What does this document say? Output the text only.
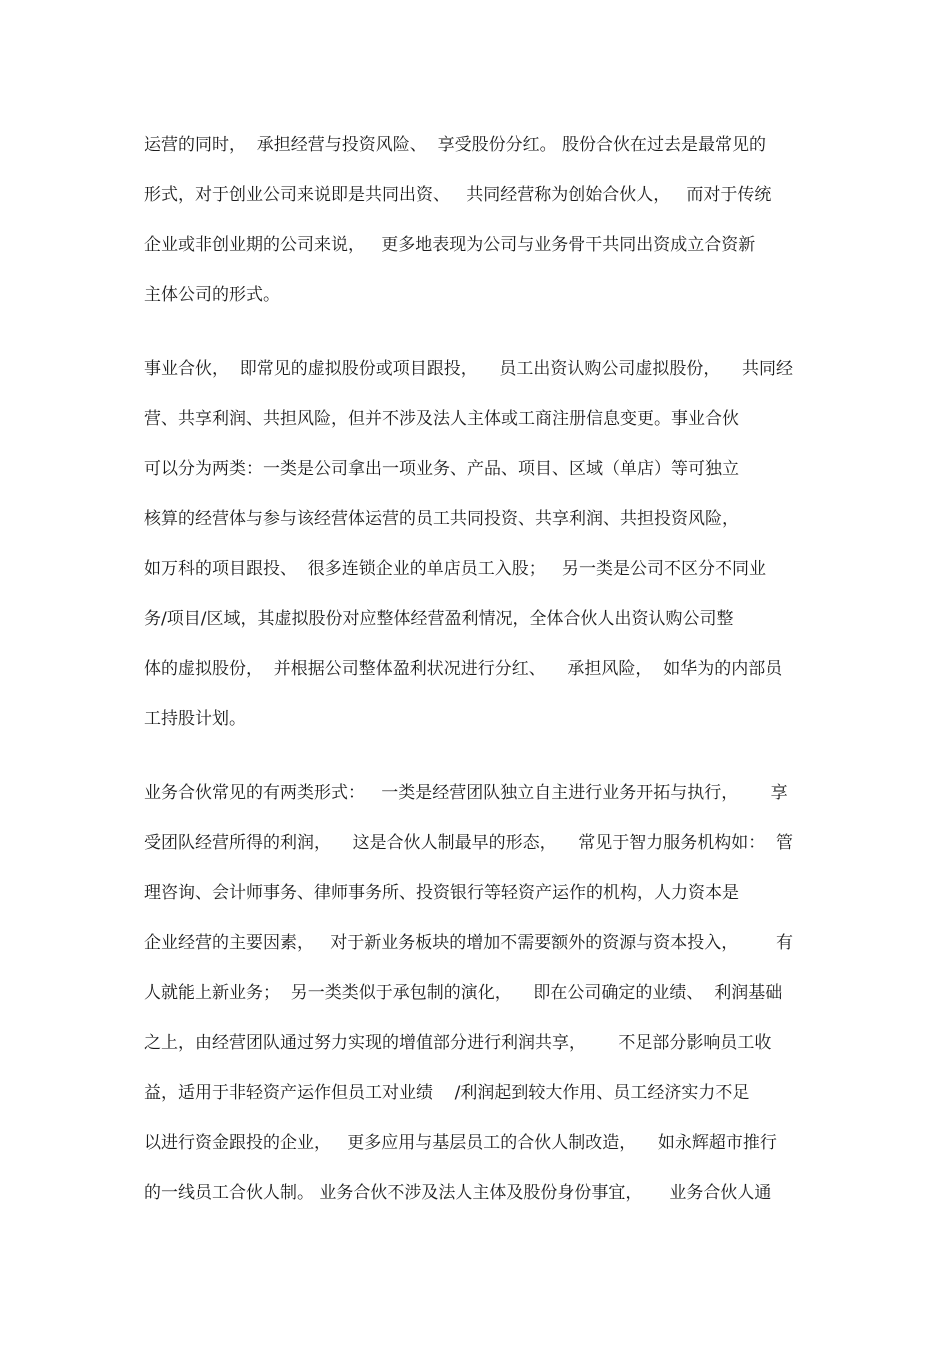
运营的同时，  承担经营与投资风险、  享受股份分红。 股份合伙在过去是最常见的
形式，对于创业公司来说即是共同出资、   共同经营称为创始合伙人，   而对于传统
企业或非创业期的公司来说，   更多地表现为公司与业务骨干共同出资成立合资新
主体公司的形式。
事业合伙，  即常见的虚拟股份或项目跟投，    员工出资认购公司虚拟股份，    共同经
营、共享利润、共担风险，但并不涉及法人主体或工商注册信息变更。事业合伙
可以分为两类：一类是公司拿出一项业务、产品、项目、区域（单店）等可独立
核算的经营体与参与该经营体运营的员工共同投资、共享利润、共担投资风险，
如万科的项目跟投、  很多连锁企业的单店员工入股；   另一类是公司不区分不同业
务/项目/区域，其虚拟股份对应整体经营盈利情况，全体合伙人出资认购公司整
体的虚拟股份，  并根据公司整体盈利状况进行分红、    承担风险，  如华为的内部员
工持股计划。
业务合伙常见的有两类形式：   一类是经营团队独立自主进行业务开拓与执行，      享
受团队经营所得的利润，    这是合伙人制最早的形态，    常见于智力服务机构如：  管
理咨询、会计师事务、律师事务所、投资银行等轻资产运作的机构，人力资本是
企业经营的主要因素，   对于新业务板块的增加不需要额外的资源与资本投入，       有
人就能上新业务；  另一类类似于承包制的演化，    即在公司确定的业绩、  利润基础
之上，由经营团队通过努力实现的增值部分进行利润共享，      不足部分影响员工收
益，适用于非轻资产运作但员工对业绩    /利润起到较大作用、员工经济实力不足
以进行资金跟投的企业，   更多应用与基层员工的合伙人制改造，    如永辉超市推行
的一线员工合伙人制。 业务合伙不涉及法人主体及股份身份事宜，     业务合伙人通
